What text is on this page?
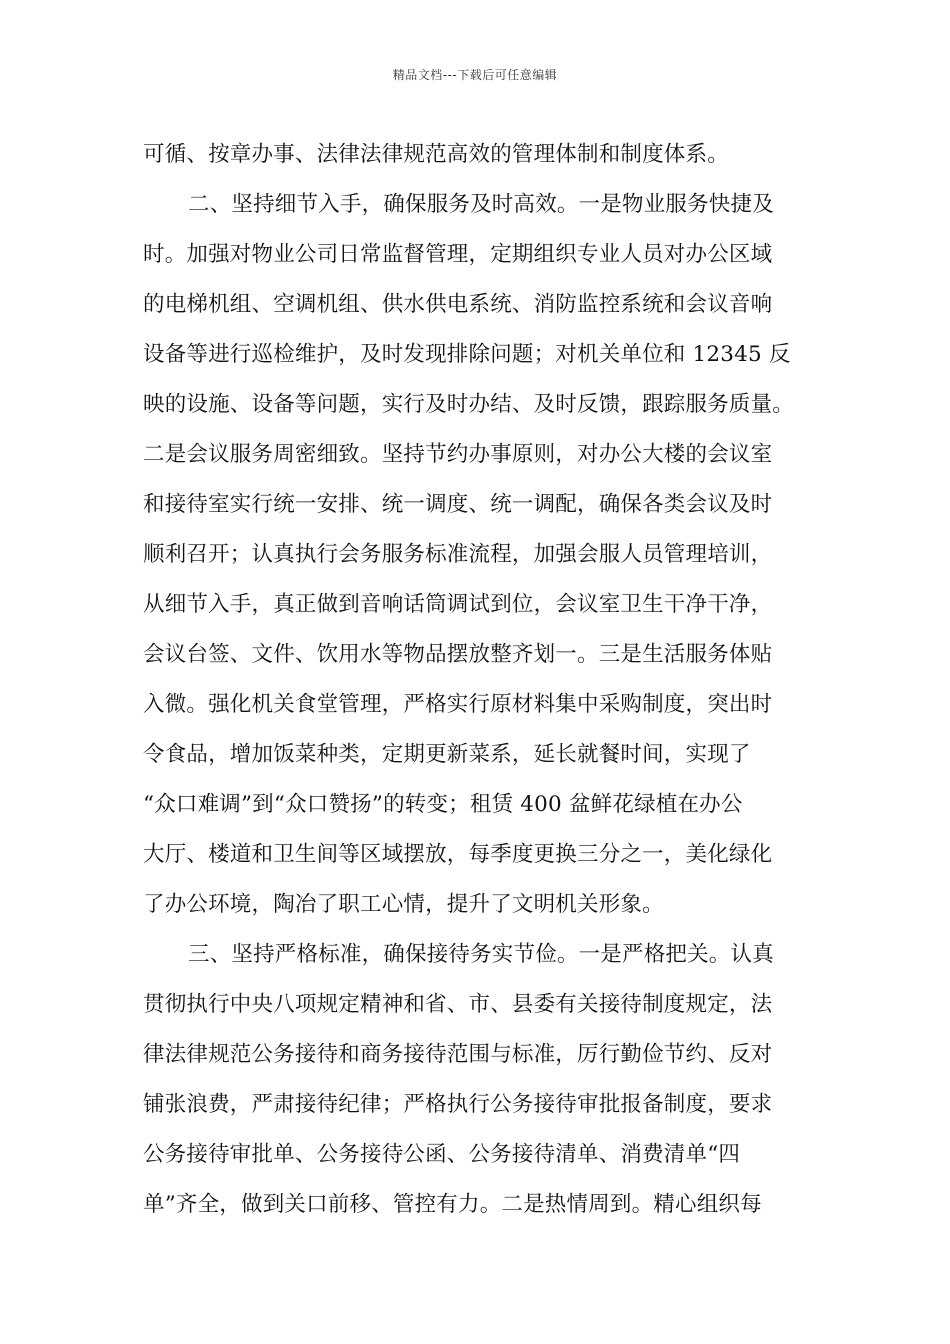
精品文档---下载后可任意编辑
可循、按章办事、法律法律规范高效的管理体制和制度体系。
二、坚持细节入手，确保服务及时高效。一是物业服务快捷及
时。加强对物业公司日常监督管理，定期组织专业人员对办公区域
的电梯机组、空调机组、供水供电系统、消防监控系统和会议音响
设备等进行巡检维护，及时发现排除问题；对机关单位和 12345 反
映的设施、设备等问题，实行及时办结、及时反馈，跟踪服务质量。
二是会议服务周密细致。坚持节约办事原则，对办公大楼的会议室
和接待室实行统一安排、统一调度、统一调配，确保各类会议及时
顺利召开；认真执行会务服务标准流程，加强会服人员管理培训，
从细节入手，真正做到音响话筒调试到位，会议室卫生干净干净，
会议台签、文件、饮用水等物品摆放整齐划一。三是生活服务体贴
入微。强化机关食堂管理，严格实行原材料集中采购制度，突出时
令食品，增加饭菜种类，定期更新菜系，延长就餐时间，实现了
“众口难调”到“众口赞扬”的转变；租赁 400 盆鲜花绿植在办公
大厅、楼道和卫生间等区域摆放，每季度更换三分之一，美化绿化
了办公环境，陶冶了职工心情，提升了文明机关形象。
三、坚持严格标准，确保接待务实节俭。一是严格把关。认真
贯彻执行中央八项规定精神和省、市、县委有关接待制度规定，法
律法律规范公务接待和商务接待范围与标准，厉行勤俭节约、反对
铺张浪费，严肃接待纪律；严格执行公务接待审批报备制度，要求
公务接待审批单、公务接待公函、公务接待清单、消费清单“四
单”齐全，做到关口前移、管控有力。二是热情周到。精心组织每
